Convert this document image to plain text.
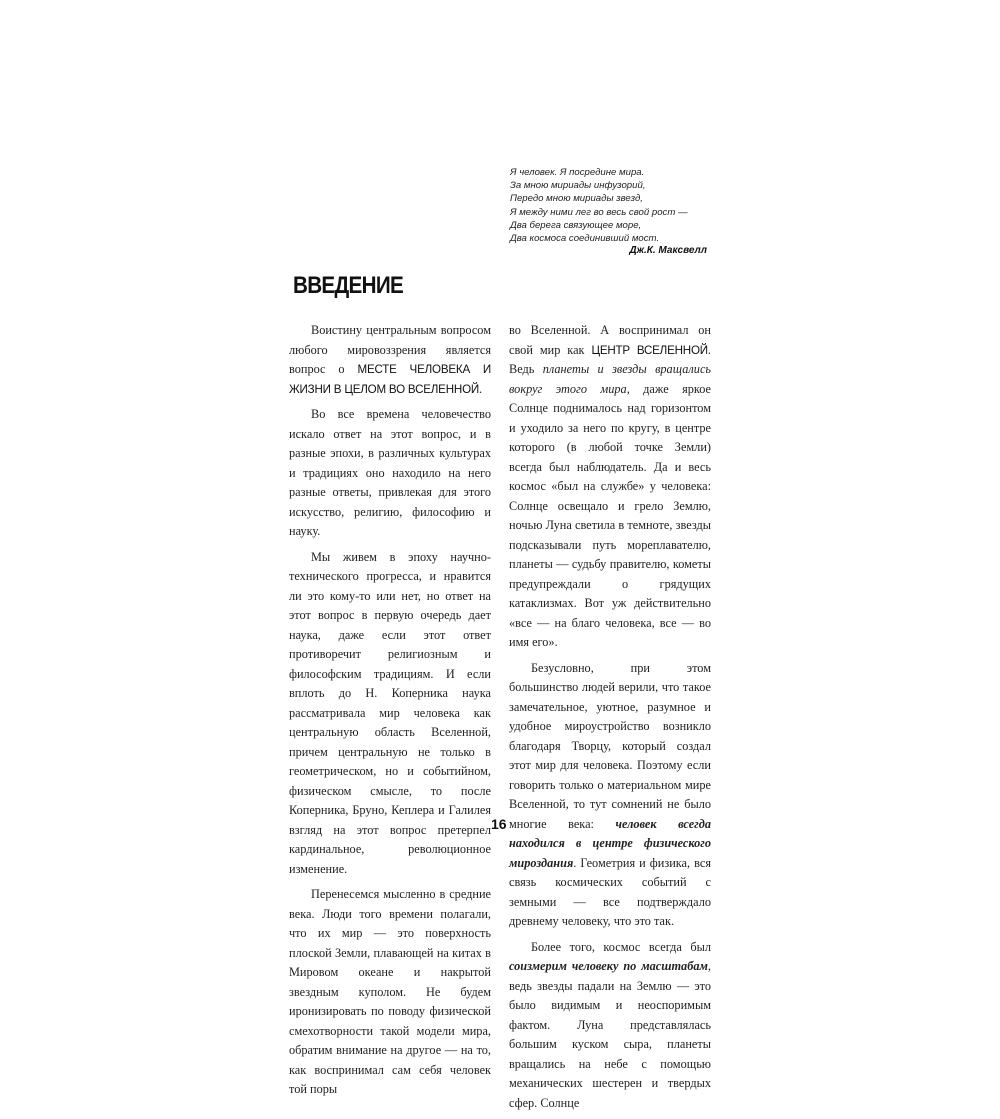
Я человек. Я посредине мира.
За мною мириады инфузорий,
Передо мною мириады звезд,
Я между ними лег во весь свой рост —
Два берега связующее море,
Два космоса соединивший мост.
Дж.К. Максвелл
ВВЕДЕНИЕ

Воистину центральным вопросом любого мировоззрения является вопрос о МЕСТЕ ЧЕЛОВЕКА И ЖИЗНИ В ЦЕЛОМ ВО ВСЕЛЕННОЙ.

Во все времена человечество искало ответ на этот вопрос, и в разные эпохи, в различных культурах и традициях оно находило на него разные ответы, привлекая для этого искусство, религию, философию и науку.

Мы живем в эпоху научно-технического прогресса, и нравится ли это кому-то или нет, но ответ на этот вопрос в первую очередь дает наука, даже если этот ответ противоречит религиозным и философским традициям. И если вплоть до Н. Коперника наука рассматривала мир человека как центральную область Вселенной, причем центральную не только в геометрическом, но и событийном, физическом смысле, то после Коперника, Бруно, Кеплера и Галилея взгляд на этот вопрос претерпел кардинальное, революционное изменение.

Перенесемся мысленно в средние века. Люди того времени полагали, что их мир — это поверхность плоской Земли, плавающей на китах в Мировом океане и накрытой звездным куполом. Не будем иронизировать по поводу физической смехотворности такой модели мира, обратим внимание на другое — на то, как воспринимал сам себя человек той поры

во Вселенной. А воспринимал он свой мир как ЦЕНТР ВСЕЛЕННОЙ. Ведь планеты и звезды вращались вокруг этого мира, даже яркое Солнце поднималось над горизонтом и уходило за него по кругу, в центре которого (в любой точке Земли) всегда был наблюдатель. Да и весь космос «был на службе» у человека: Солнце освещало и грело Землю, ночью Луна светила в темноте, звезды подсказывали путь мореплавателю, планеты — судьбу правителю, кометы предупреждали о грядущих катаклизмах. Вот уж действительно «все — на благо человека, все — во имя его».

Безусловно, при этом большинство людей верили, что такое замечательное, уютное, разумное и удобное мироустройство возникло благодаря Творцу, который создал этот мир для человека. Поэтому если говорить только о материальном мире Вселенной, то тут сомнений не было многие века: человек всегда находился в центре физического мироздания. Геометрия и физика, вся связь космических событий с земными — все подтверждало древнему человеку, что это так.

Более того, космос всегда был соизмерим человеку по масштабам, ведь звезды падали на Землю — это было видимым и неоспоримым фактом. Луна представлялась большим куском сыра, планеты вращались на небе с помощью механических шестерен и твердых сфер. Солнце

16
